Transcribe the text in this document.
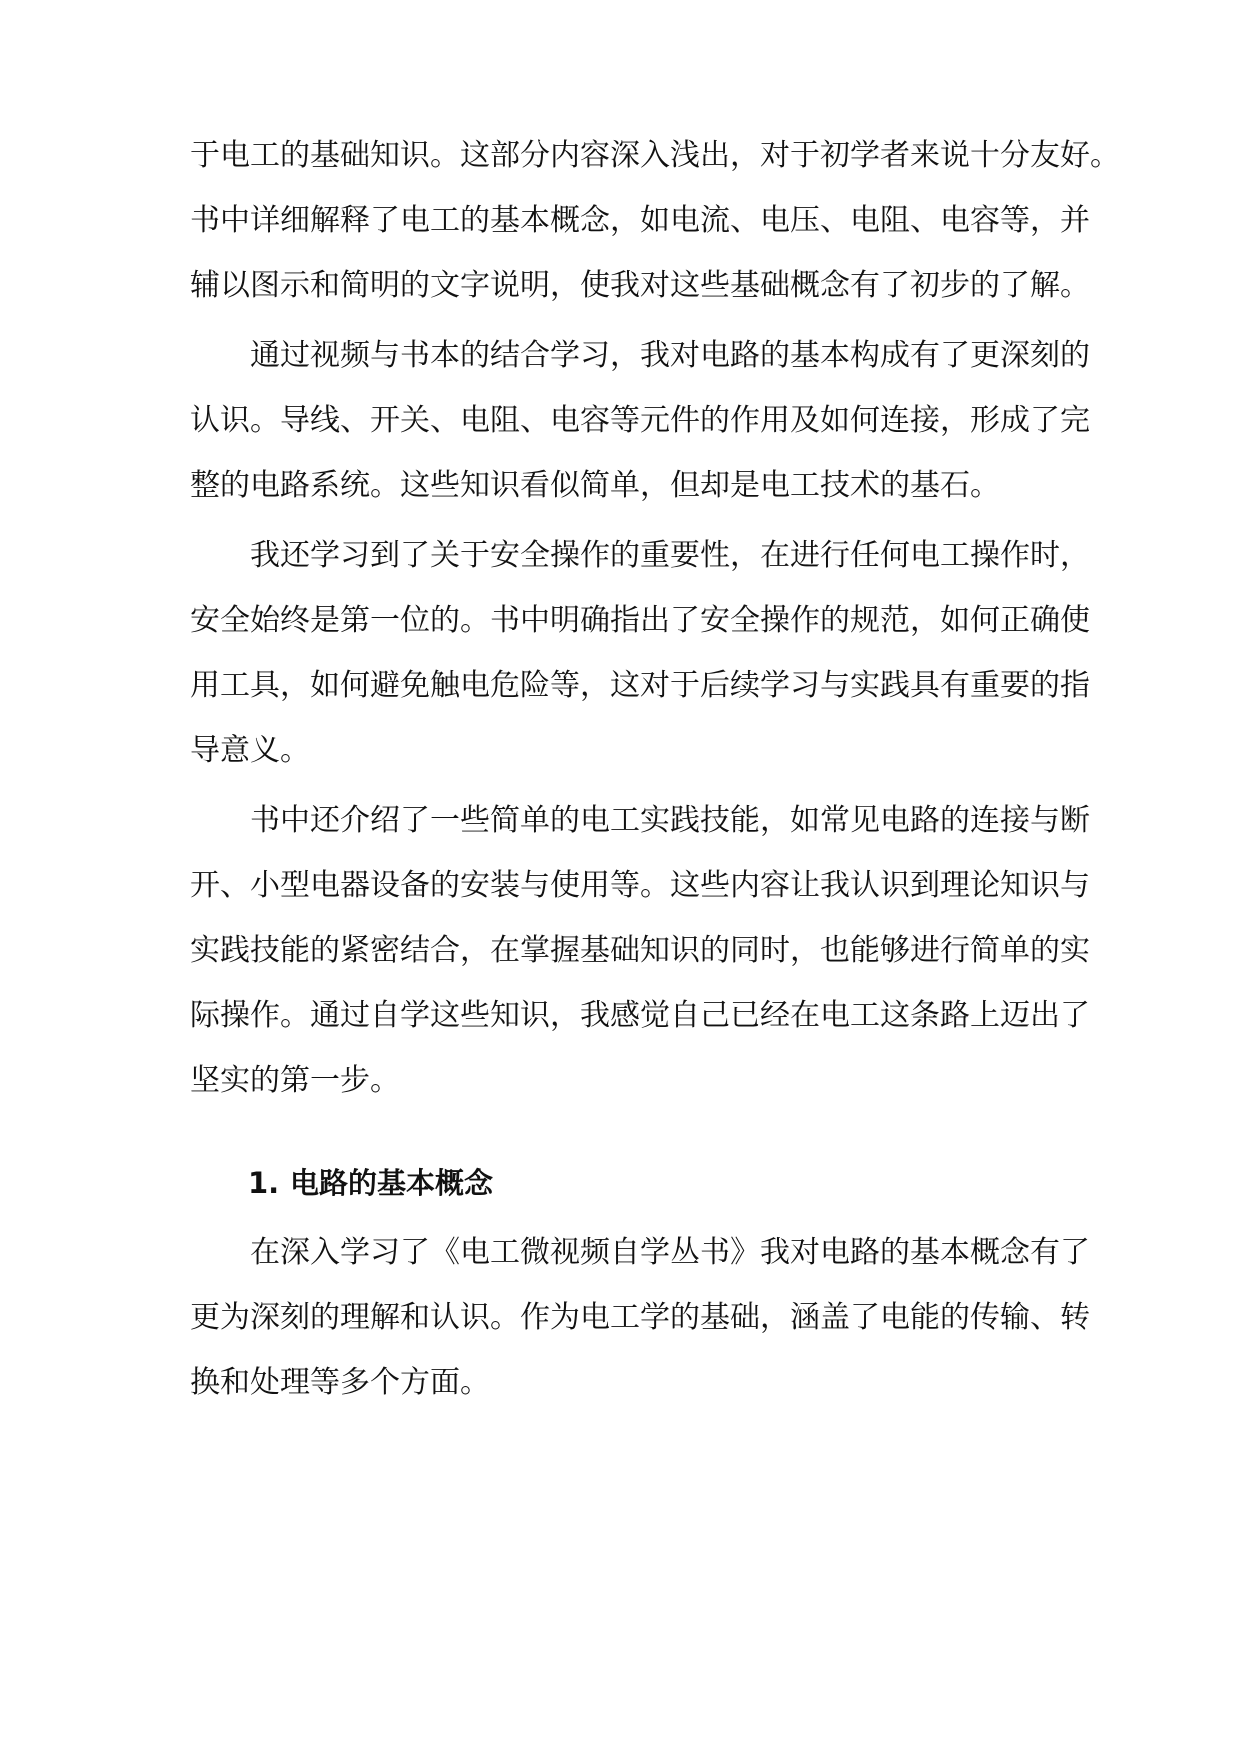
于电工的基础知识。这部分内容深入浅出，对于初学者来说十分友好。
书中详细解释了电工的基本概念，如电流、电压、电阻、电容等，并
辅以图示和简明的文字说明，使我对这些基础概念有了初步的了解。
通过视频与书本的结合学习，我对电路的基本构成有了更深刻的
认识。导线、开关、电阻、电容等元件的作用及如何连接，形成了完
整的电路系统。这些知识看似简单，但却是电工技术的基石。
我还学习到了关于安全操作的重要性，在进行任何电工操作时，
安全始终是第一位的。书中明确指出了安全操作的规范，如何正确使
用工具，如何避免触电危险等，这对于后续学习与实践具有重要的指
导意义。
书中还介绍了一些简单的电工实践技能，如常见电路的连接与断
开、小型电器设备的安装与使用等。这些内容让我认识到理论知识与
实践技能的紧密结合，在掌握基础知识的同时，也能够进行简单的实
际操作。通过自学这些知识，我感觉自己已经在电工这条路上迈出了
坚实的第一步。
1. 电路的基本概念
在深入学习了《电工微视频自学丛书》我对电路的基本概念有了
更为深刻的理解和认识。作为电工学的基础，涵盖了电能的传输、转
换和处理等多个方面。
